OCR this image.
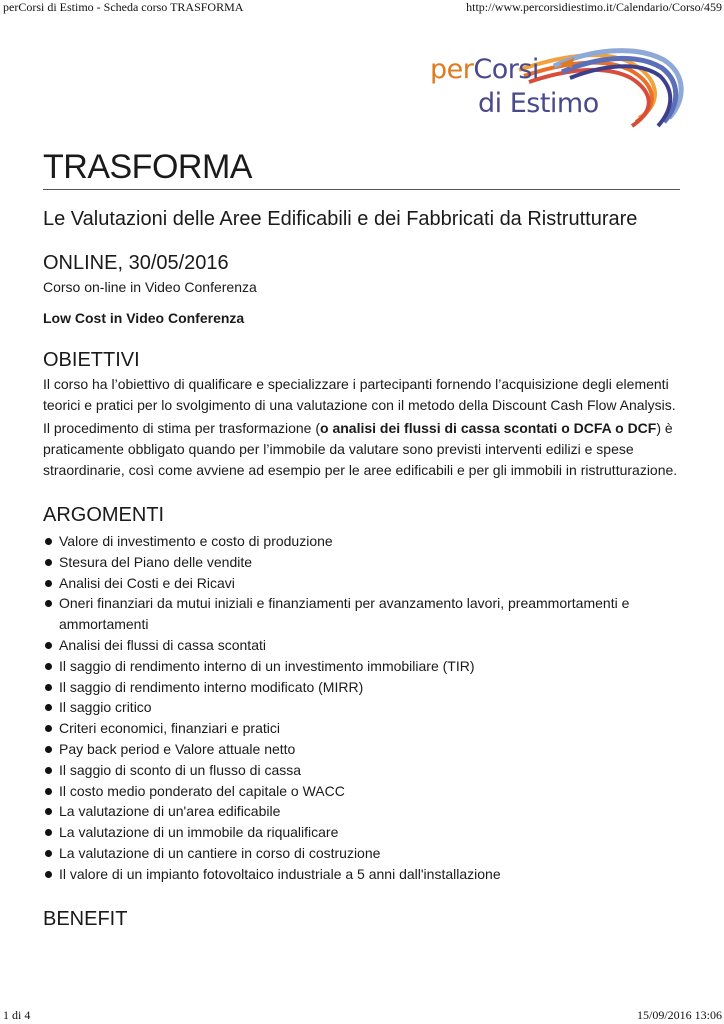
perCorsi di Estimo - Scheda corso TRASFORMA	http://www.percorsidiestimo.it/Calendario/Corso/459
perCorsi
di Estimo
TRASFORMA
Le Valutazioni delle Aree Edificabili e dei Fabbricati da Ristrutturare
ONLINE, 30/05/2016

Corso on-line in Video Conferenza

Low Cost in Video Conferenza

OBIETTIVI

Il corso ha l’obiettivo di qualificare e specializzare i partecipanti fornendo l’acquisizione degli elementi teorici e pratici per lo svolgimento di una valutazione con il metodo della Discount Cash Flow Analysis.

Il procedimento di stima per trasformazione (o analisi dei flussi di cassa scontati o DCFA o DCF) è praticamente obbligato quando per l’immobile da valutare sono previsti interventi edilizi e spese straordinarie, così come avviene ad esempio per le aree edificabili e per gli immobili in ristrutturazione.

ARGOMENTI
Valore di investimento e costo di produzione
Stesura del Piano delle vendite
Analisi dei Costi e dei Ricavi
Oneri finanziari da mutui iniziali e finanziamenti per avanzamento lavori, preammortamenti e ammortamenti
Analisi dei flussi di cassa scontati
Il saggio di rendimento interno di un investimento immobiliare (TIR)
Il saggio di rendimento interno modificato (MIRR)
Il saggio critico
Criteri economici, finanziari e pratici
Pay back period e Valore attuale netto
Il saggio di sconto di un flusso di cassa
Il costo medio ponderato del capitale o WACC
La valutazione di un'area edificabile
La valutazione di un immobile da riqualificare
La valutazione di un cantiere in corso di costruzione
Il valore di un impianto fotovoltaico industriale a 5 anni dall'installazione
BENEFIT
1 di 4	15/09/2016 13:06
